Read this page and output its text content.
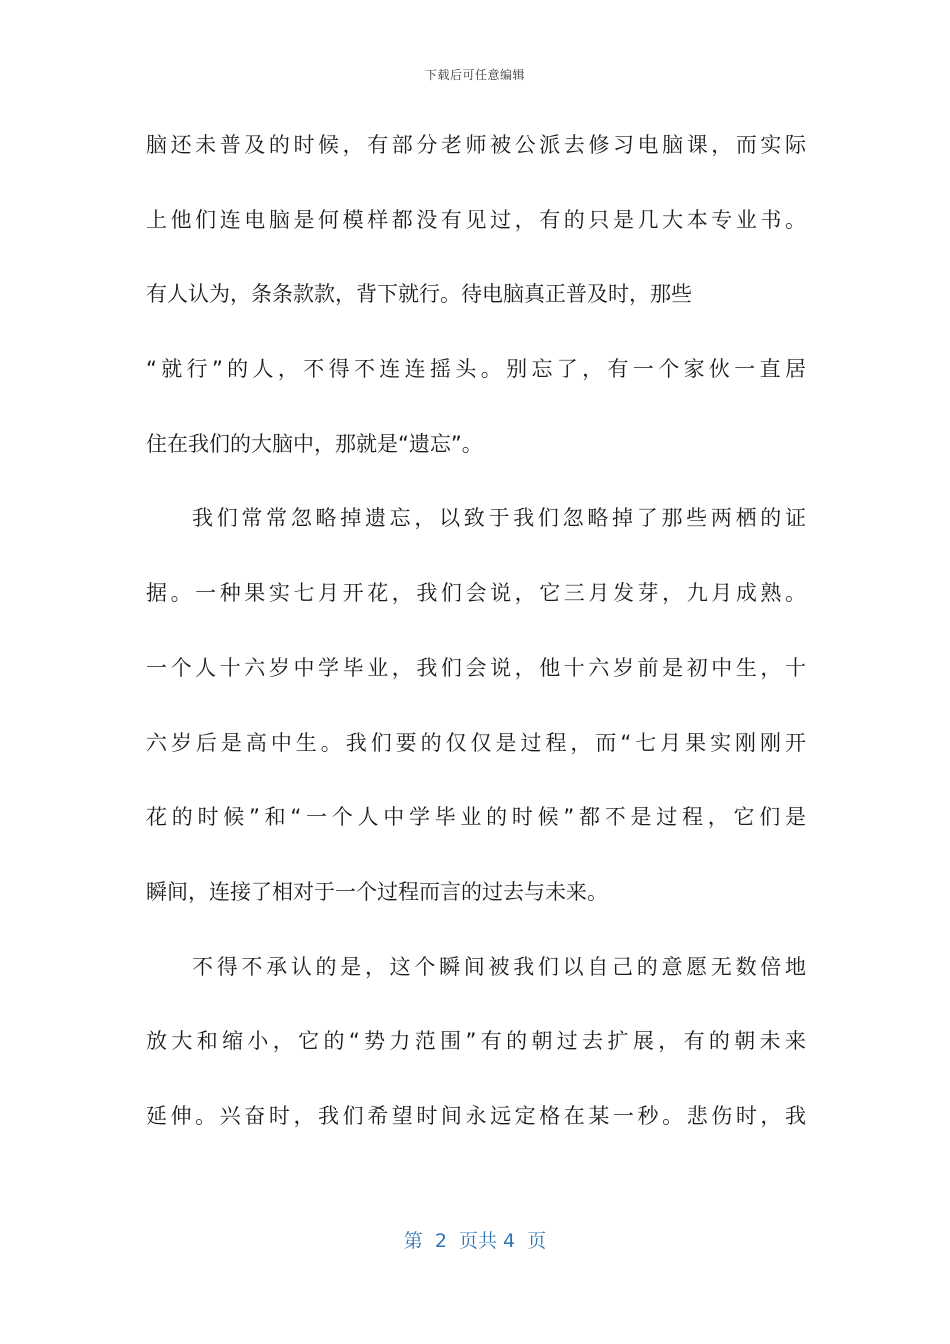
下载后可任意编辑
脑还未普及的时候，有部分老师被公派去修习电脑课，而实际
上他们连电脑是何模样都没有见过，有的只是几大本专业书。
有人认为，条条款款，背下就行。待电脑真正普及时，那些
“就行”的人，不得不连连摇头。别忘了，有一个家伙一直居
住在我们的大脑中，那就是“遗忘”。
我们常常忽略掉遗忘，以致于我们忽略掉了那些两栖的证
据。一种果实七月开花，我们会说，它三月发芽，九月成熟。
一个人十六岁中学毕业，我们会说，他十六岁前是初中生，十
六岁后是高中生。我们要的仅仅是过程，而“七月果实刚刚开
花的时候”和“一个人中学毕业的时候”都不是过程，它们是
瞬间，连接了相对于一个过程而言的过去与未来。
不得不承认的是，这个瞬间被我们以自己的意愿无数倍地
放大和缩小，它的“势力范围”有的朝过去扩展，有的朝未来
延伸。兴奋时，我们希望时间永远定格在某一秒。悲伤时，我
第  2  页共 4  页
